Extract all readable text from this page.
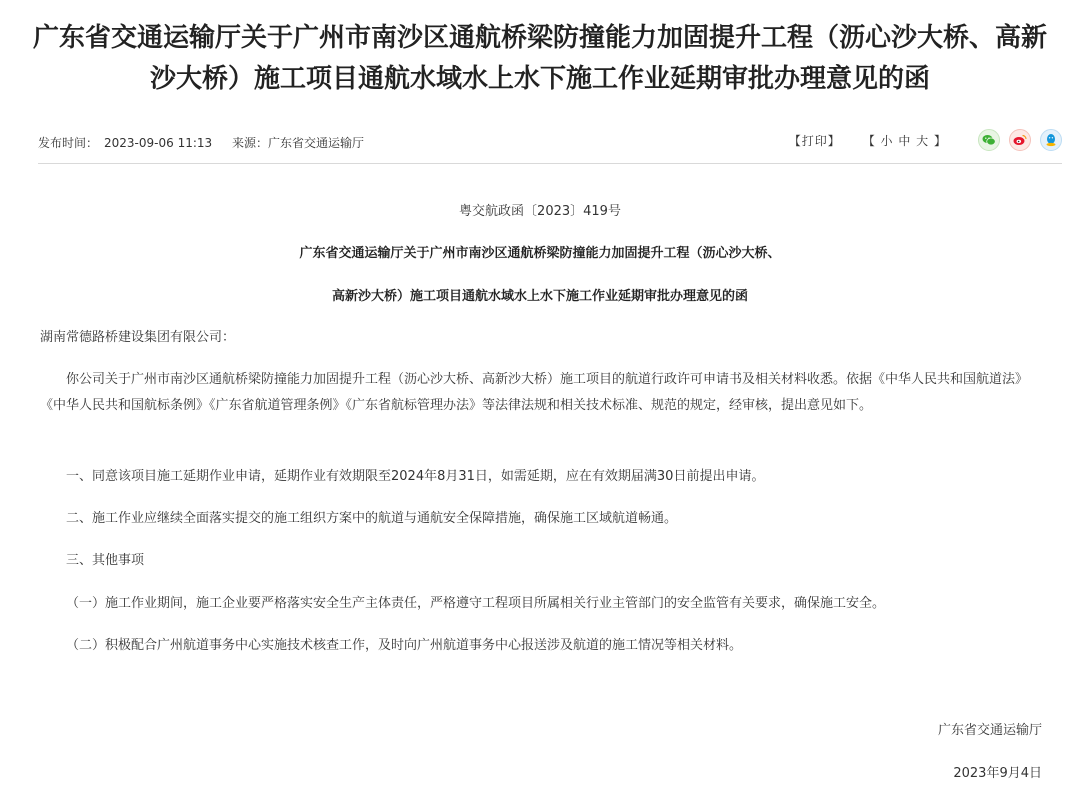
广东省交通运输厅关于广州市南沙区通航桥梁防撞能力加固提升工程（沥心沙大桥、高新
沙大桥）施工项目通航水域水上水下施工作业延期审批办理意见的函
发布时间： 2023-09-06 11:13 来源：广东省交通运输厅	【打印】 【 小 中 大 】
粤交航政函〔2023〕419号
广东省交通运输厅关于广州市南沙区通航桥梁防撞能力加固提升工程（沥心沙大桥、
高新沙大桥）施工项目通航水域水上水下施工作业延期审批办理意见的函
湖南常德路桥建设集团有限公司：
你公司关于广州市南沙区通航桥梁防撞能力加固提升工程（沥心沙大桥、高新沙大桥）施工项目的航道行政许可申请书及相关材料收悉。依据《中华人民共和国航道法》《中华人民共和国航标条例》《广东省航道管理条例》《广东省航标管理办法》等法律法规和相关技术标准、规范的规定，经审核，提出意见如下。
一、同意该项目施工延期作业申请，延期作业有效期限至2024年8月31日，如需延期，应在有效期届满30日前提出申请。
二、施工作业应继续全面落实提交的施工组织方案中的航道与通航安全保障措施，确保施工区域航道畅通。
三、其他事项
（一）施工作业期间，施工企业要严格落实安全生产主体责任，严格遵守工程项目所属相关行业主管部门的安全监管有关要求，确保施工安全。
（二）积极配合广州航道事务中心实施技术核查工作，及时向广州航道事务中心报送涉及航道的施工情况等相关材料。
广东省交通运输厅
2023年9月4日
